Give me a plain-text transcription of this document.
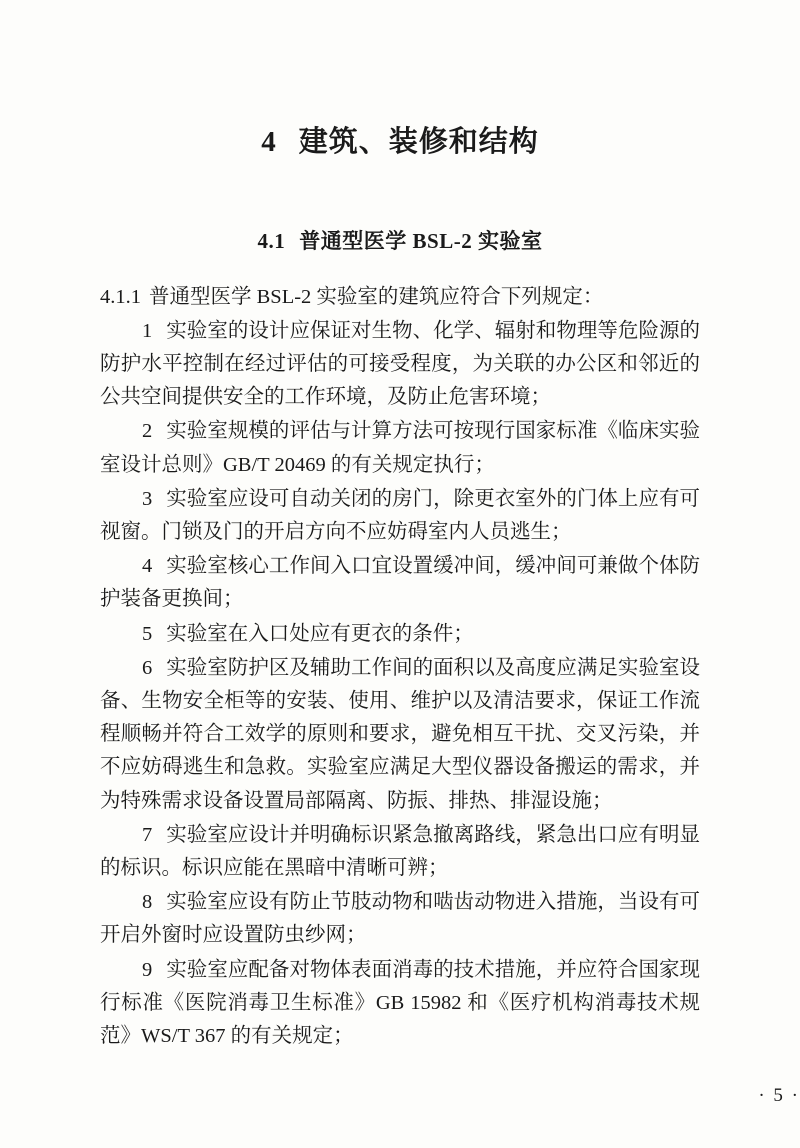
4 建筑、装修和结构
4.1 普通型医学 BSL-2 实验室

4.1.1 普通型医学 BSL-2 实验室的建筑应符合下列规定：

1 实验室的设计应保证对生物、化学、辐射和物理等危险源的防护水平控制在经过评估的可接受程度，为关联的办公区和邻近的公共空间提供安全的工作环境，及防止危害环境；

2 实验室规模的评估与计算方法可按现行国家标准《临床实验室设计总则》GB/T 20469 的有关规定执行；

3 实验室应设可自动关闭的房门，除更衣室外的门体上应有可视窗。门锁及门的开启方向不应妨碍室内人员逃生；

4 实验室核心工作间入口宜设置缓冲间，缓冲间可兼做个体防护装备更换间；

5 实验室在入口处应有更衣的条件；

6 实验室防护区及辅助工作间的面积以及高度应满足实验室设备、生物安全柜等的安装、使用、维护以及清洁要求，保证工作流程顺畅并符合工效学的原则和要求，避免相互干扰、交叉污染，并不应妨碍逃生和急救。实验室应满足大型仪器设备搬运的需求，并为特殊需求设备设置局部隔离、防振、排热、排湿设施；

7 实验室应设计并明确标识紧急撤离路线，紧急出口应有明显的标识。标识应能在黑暗中清晰可辨；

8 实验室应设有防止节肢动物和啮齿动物进入措施，当设有可开启外窗时应设置防虫纱网；

9 实验室应配备对物体表面消毒的技术措施，并应符合国家现行标准《医院消毒卫生标准》GB 15982 和《医疗机构消毒技术规范》WS/T 367 的有关规定；

· 5 ·
